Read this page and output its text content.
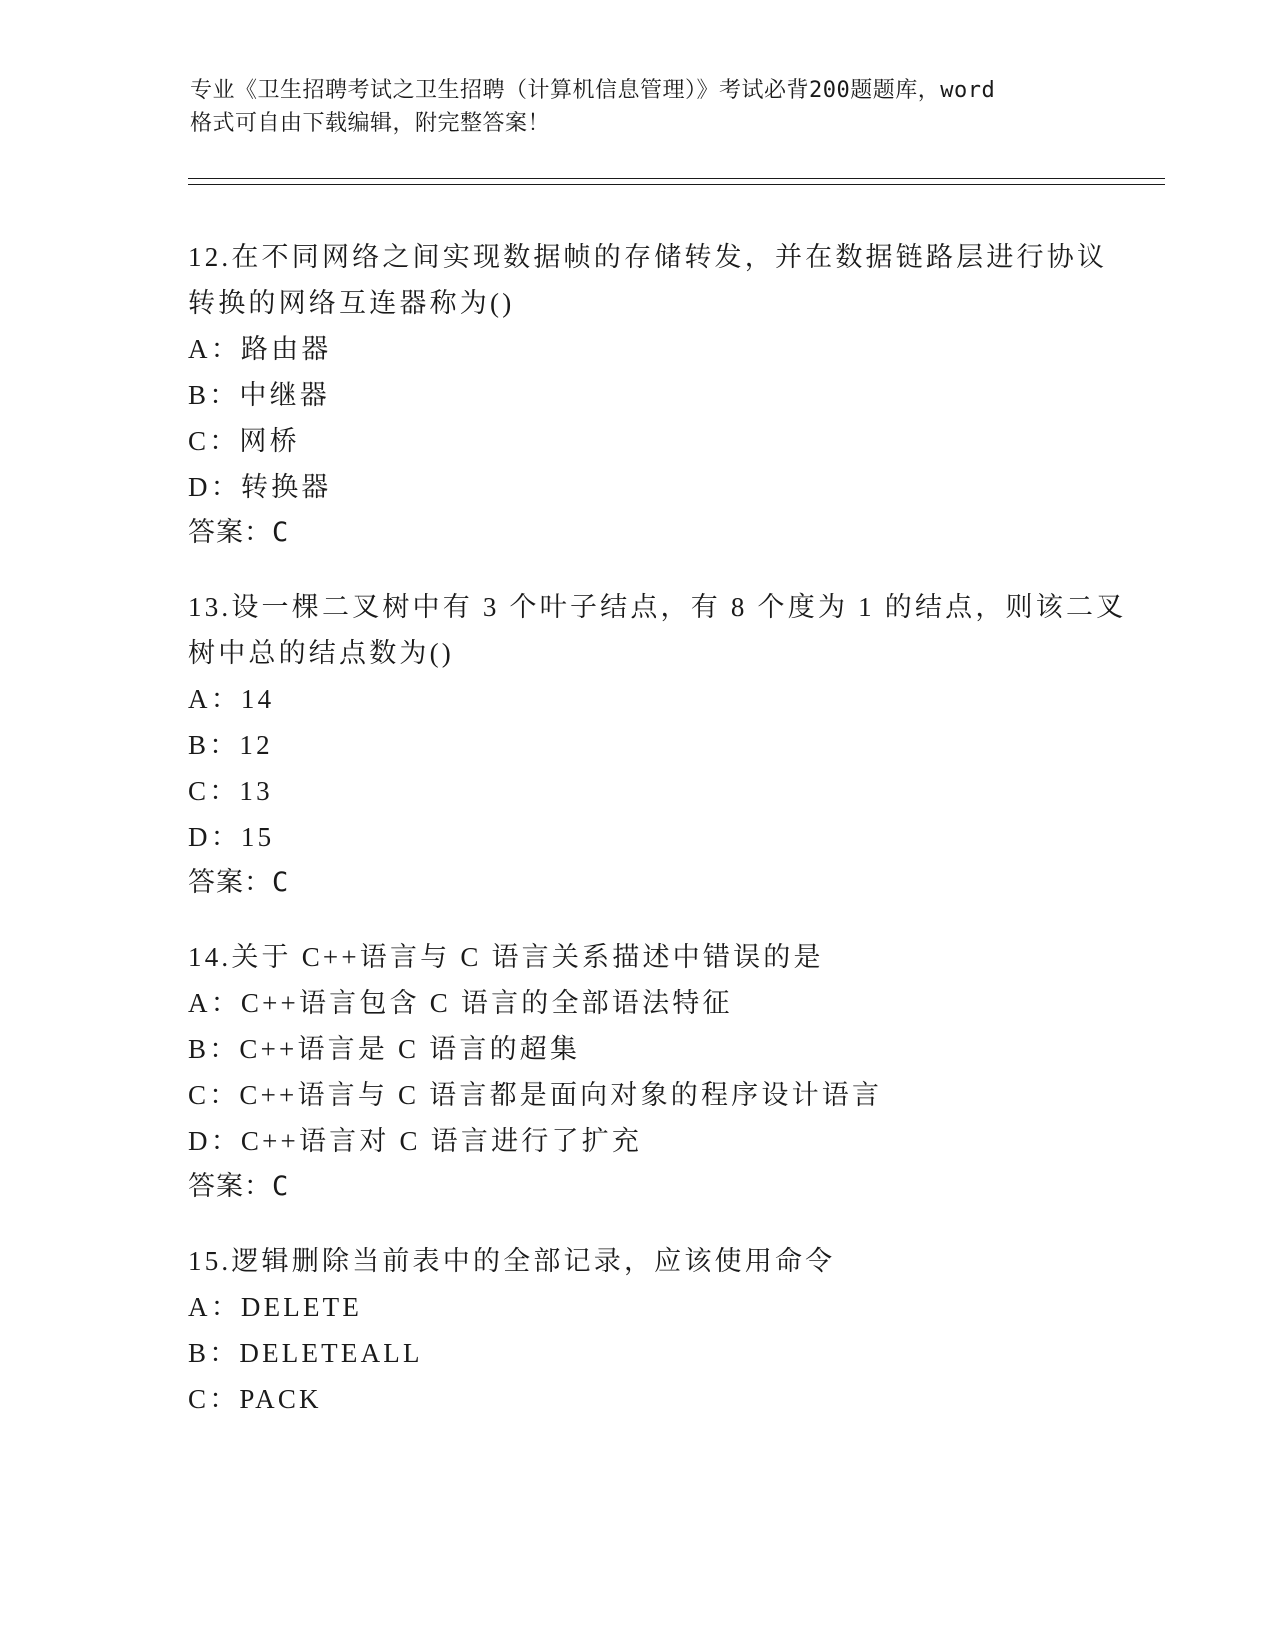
专业《卫生招聘考试之卫生招聘（计算机信息管理）》考试必背200题题库，word
格式可自由下载编辑，附完整答案！
12.在不同网络之间实现数据帧的存储转发，并在数据链路层进行协议
转换的网络互连器称为()
A：路由器
B：中继器
C：网桥
D：转换器
答案：C
13.设一棵二叉树中有 3 个叶子结点，有 8 个度为 1 的结点，则该二叉
树中总的结点数为()
A：14
B：12
C：13
D：15
答案：C
14.关于 C++语言与 C 语言关系描述中错误的是
A：C++语言包含 C 语言的全部语法特征
B：C++语言是 C 语言的超集
C：C++语言与 C 语言都是面向对象的程序设计语言
D：C++语言对 C 语言进行了扩充
答案：C
15.逻辑删除当前表中的全部记录，应该使用命令
A：DELETE
B：DELETEALL
C：PACK
